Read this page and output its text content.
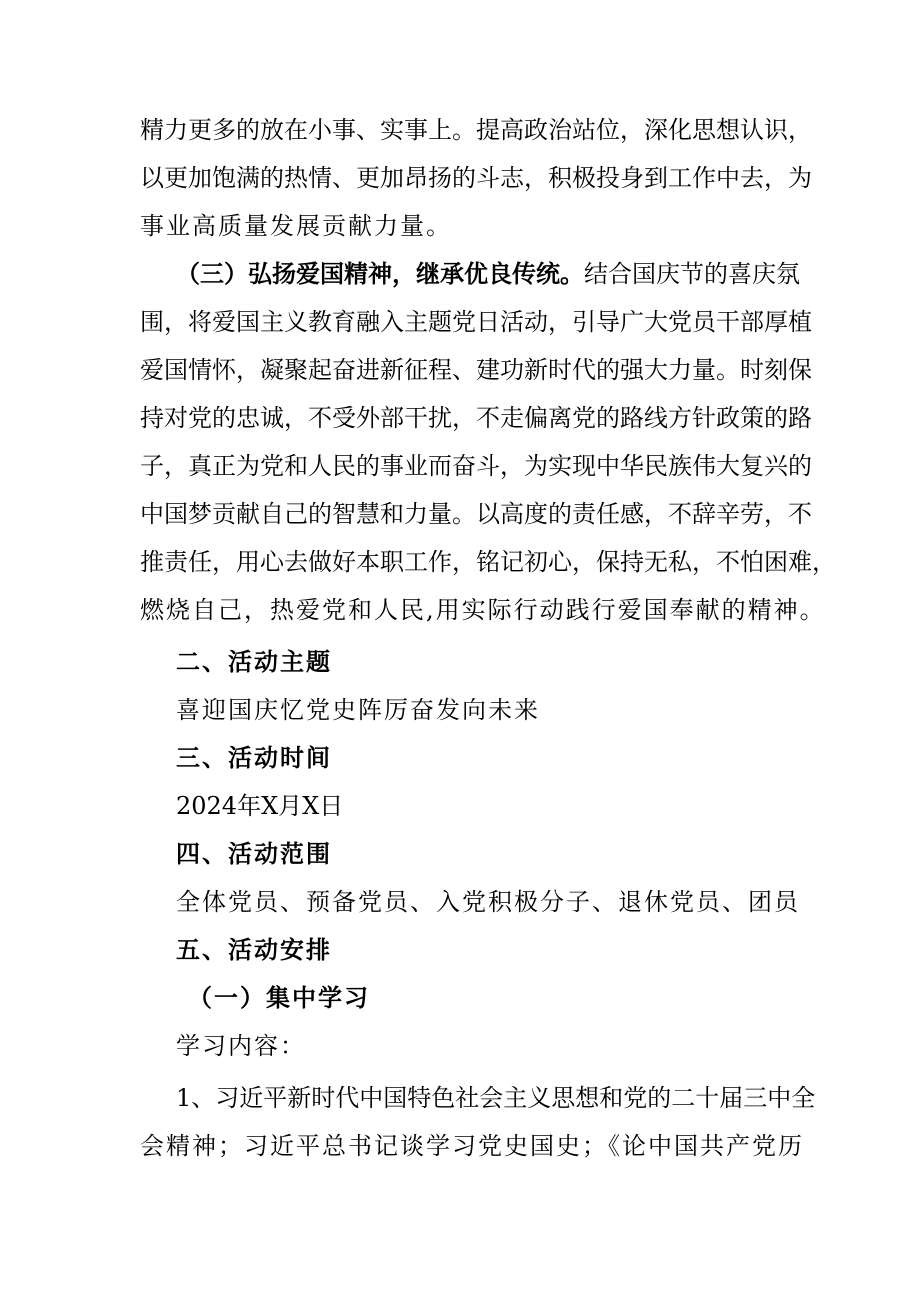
精力更多的放在小事、实事上。提高政治站位，深化思想认识，
以更加饱满的热情、更加昂扬的斗志，积极投身到工作中去，为
事业高质量发展贡献力量。
（三）弘扬爱国精神，继承优良传统。结合国庆节的喜庆氛
围，将爱国主义教育融入主题党日活动，引导广大党员干部厚植
爱国情怀，凝聚起奋进新征程、建功新时代的强大力量。时刻保
持对党的忠诚，不受外部干扰，不走偏离党的路线方针政策的路
子，真正为党和人民的事业而奋斗，为实现中华民族伟大复兴的
中国梦贡献自己的智慧和力量。以高度的责任感，不辞辛劳，不
推责任，用心去做好本职工作，铭记初心，保持无私，不怕困难，
燃烧自己，热爱党和人民,用实际行动践行爱国奉献的精神。
二、活动主题
喜迎国庆忆党史阵厉奋发向未来
三、活动时间
2024年X月X日
四、活动范围
全体党员、预备党员、入党积极分子、退休党员、团员
五、活动安排
（一）集中学习
学习内容：
1、习近平新时代中国特色社会主义思想和党的二十届三中全
会精神；习近平总书记谈学习党史国史；《论中国共产党历
